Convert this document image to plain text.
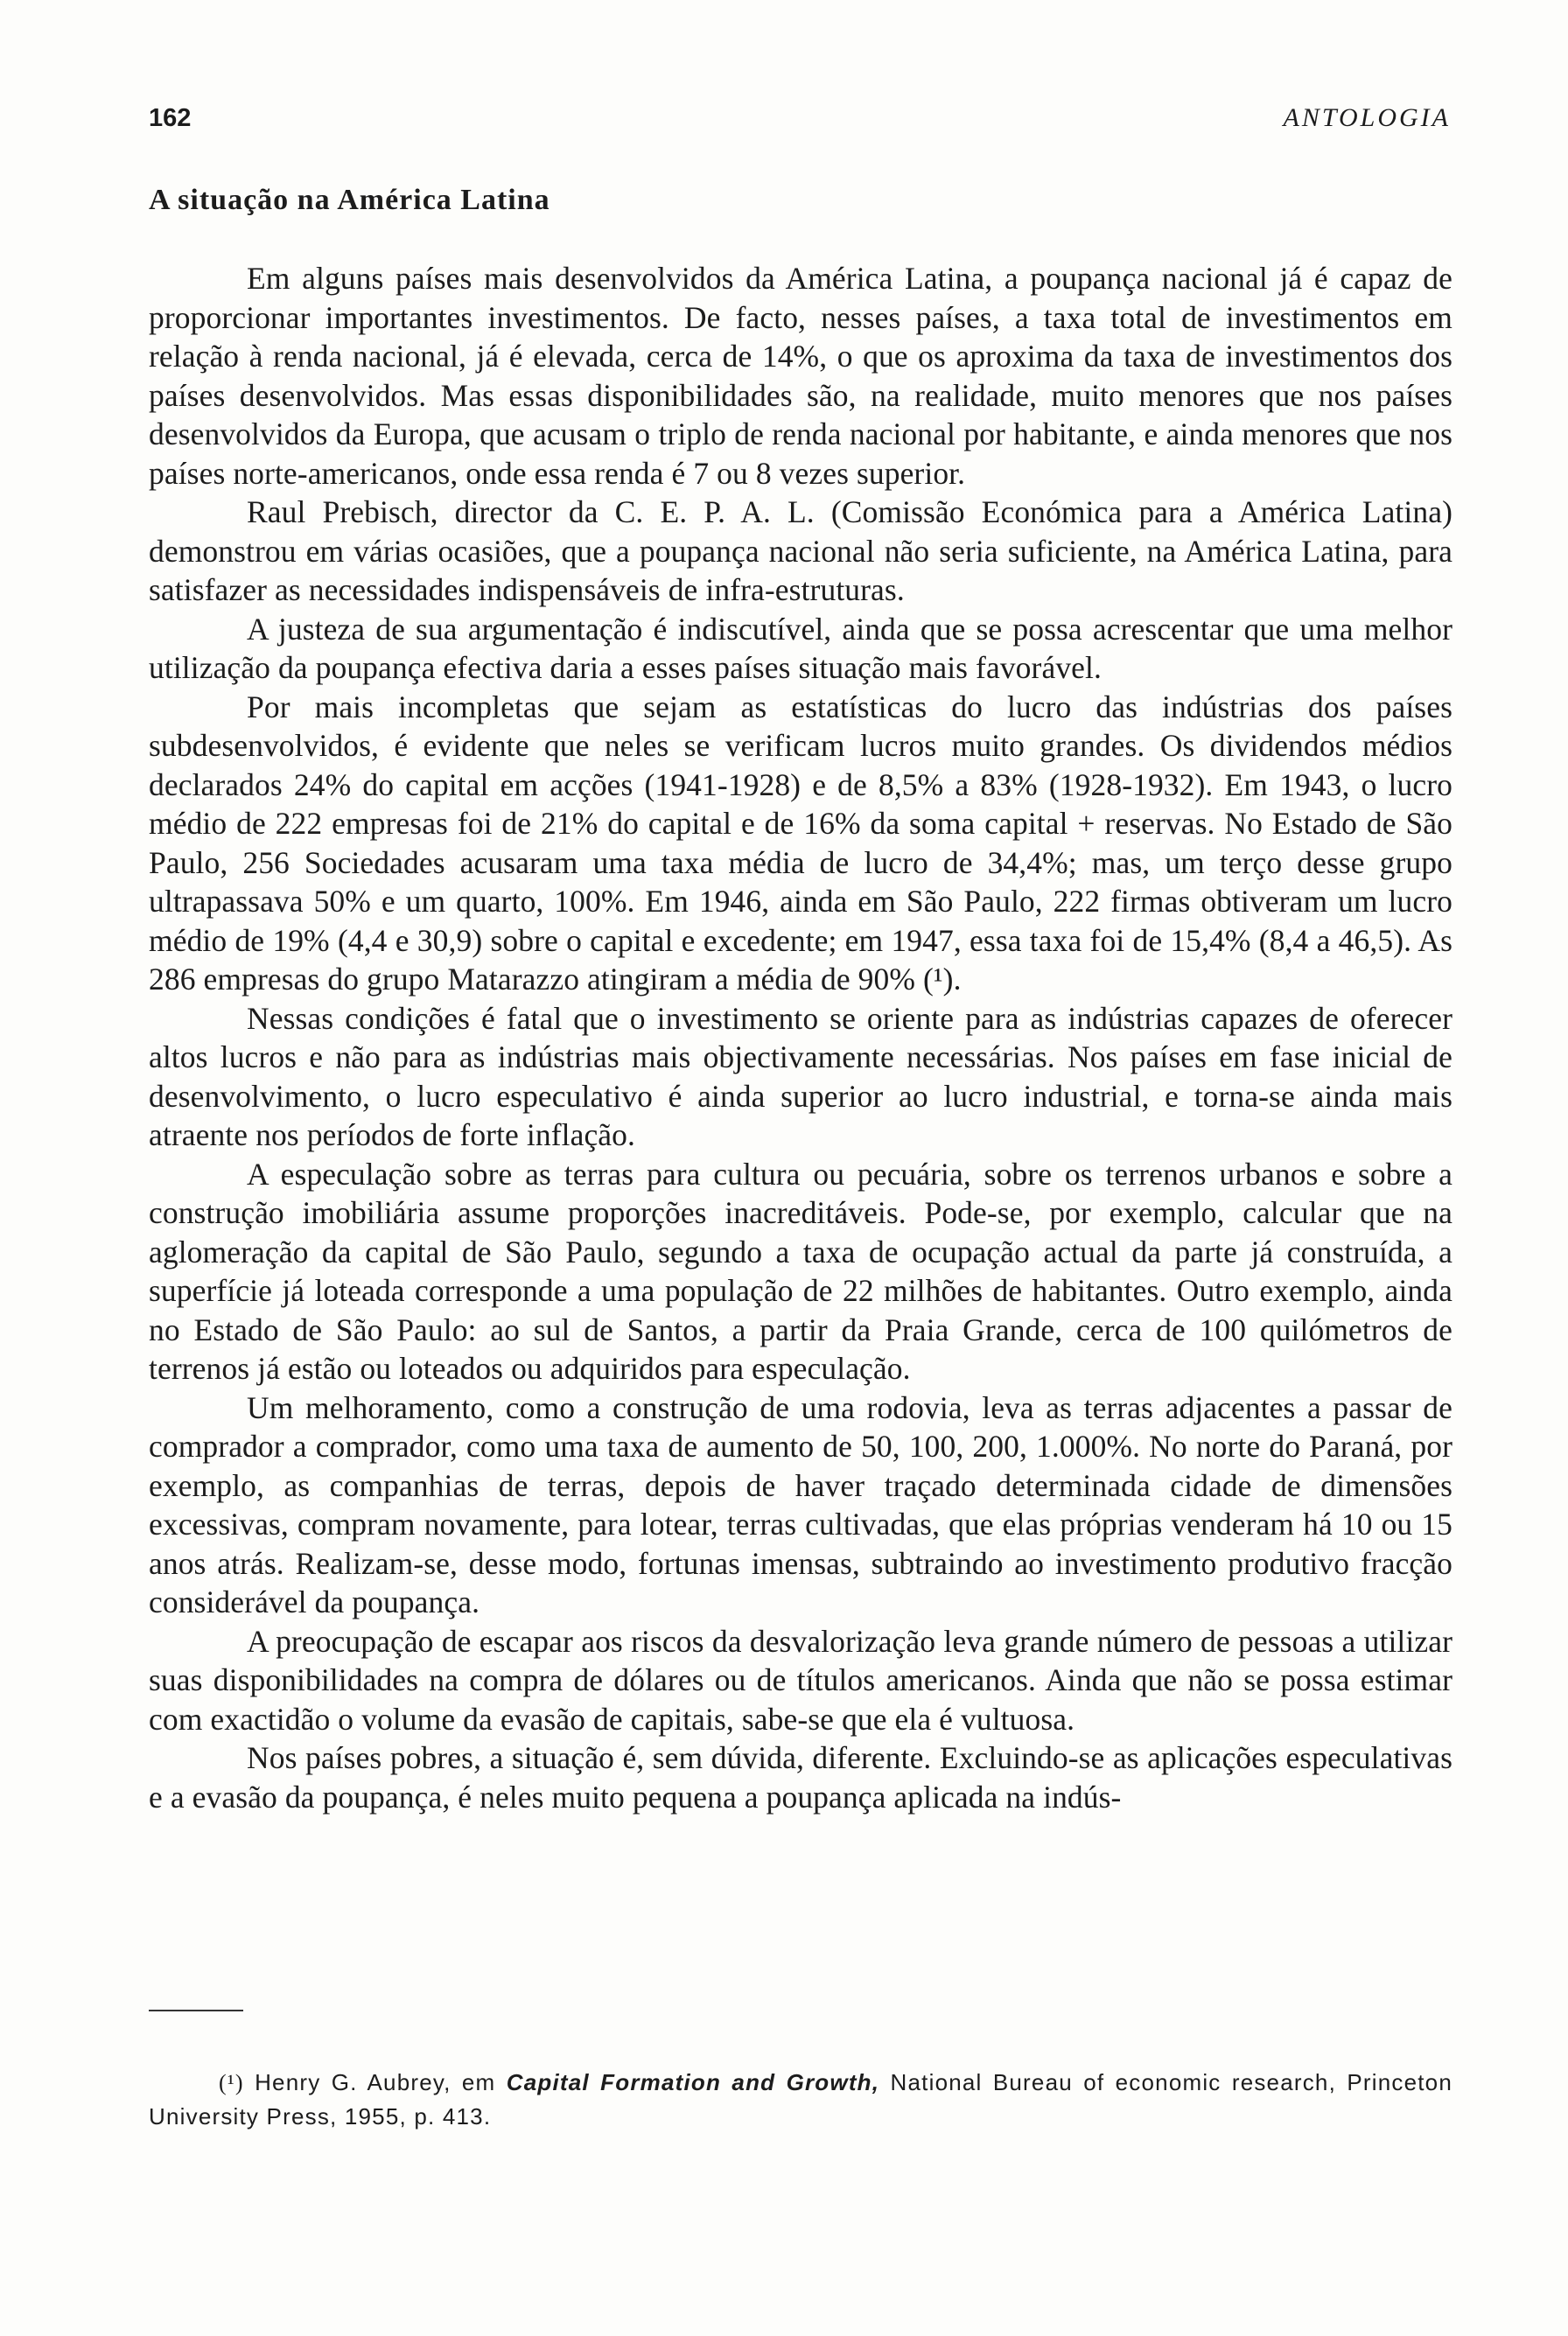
162	ANTOLOGIA
A situação na América Latina

Em alguns países mais desenvolvidos da América Latina, a poupança nacional já é capaz de proporcionar importantes investimentos. De facto, nesses países, a taxa total de investimentos em relação à renda nacional, já é elevada, cerca de 14%, o que os aproxima da taxa de investimentos dos países desenvolvidos. Mas essas disponibilidades são, na realidade, muito menores que nos países desenvolvidos da Europa, que acusam o triplo de renda nacional por habitante, e ainda menores que nos países norte-americanos, onde essa renda é 7 ou 8 vezes superior.

Raul Prebisch, director da C. E. P. A. L. (Comissão Económica para a América Latina) demonstrou em várias ocasiões, que a poupança nacional não seria suficiente, na América Latina, para satisfazer as necessidades indispensáveis de infra-estruturas.

A justeza de sua argumentação é indiscutível, ainda que se possa acrescentar que uma melhor utilização da poupança efectiva daria a esses países situação mais favorável.

Por mais incompletas que sejam as estatísticas do lucro das indústrias dos países subdesenvolvidos, é evidente que neles se verificam lucros muito grandes. Os dividendos médios declarados 24% do capital em acções (1941-1928) e de 8,5% a 83% (1928-1932). Em 1943, o lucro médio de 222 empresas foi de 21% do capital e de 16% da soma capital + reservas. No Estado de São Paulo, 256 Sociedades acusaram uma taxa média de lucro de 34,4%; mas, um terço desse grupo ultrapassava 50% e um quarto, 100%. Em 1946, ainda em São Paulo, 222 firmas obtiveram um lucro médio de 19% (4,4 e 30,9) sobre o capital e excedente; em 1947, essa taxa foi de 15,4% (8,4 a 46,5). As 286 empresas do grupo Matarazzo atingiram a média de 90% (¹).

Nessas condições é fatal que o investimento se oriente para as indústrias capazes de oferecer altos lucros e não para as indústrias mais objectivamente necessárias. Nos países em fase inicial de desenvolvimento, o lucro especulativo é ainda superior ao lucro industrial, e torna-se ainda mais atraente nos períodos de forte inflação.

A especulação sobre as terras para cultura ou pecuária, sobre os terrenos urbanos e sobre a construção imobiliária assume proporções inacreditáveis. Pode-se, por exemplo, calcular que na aglomeração da capital de São Paulo, segundo a taxa de ocupação actual da parte já construída, a superfície já loteada corresponde a uma população de 22 milhões de habitantes. Outro exemplo, ainda no Estado de São Paulo: ao sul de Santos, a partir da Praia Grande, cerca de 100 quilómetros de terrenos já estão ou loteados ou adquiridos para especulação.

Um melhoramento, como a construção de uma rodovia, leva as terras adjacentes a passar de comprador a comprador, como uma taxa de aumento de 50, 100, 200, 1.000%. No norte do Paraná, por exemplo, as companhias de terras, depois de haver traçado determinada cidade de dimensões excessivas, compram novamente, para lotear, terras cultivadas, que elas próprias venderam há 10 ou 15 anos atrás. Realizam-se, desse modo, fortunas imensas, subtraindo ao investimento produtivo fracção considerável da poupança.

A preocupação de escapar aos riscos da desvalorização leva grande número de pessoas a utilizar suas disponibilidades na compra de dólares ou de títulos americanos. Ainda que não se possa estimar com exactidão o volume da evasão de capitais, sabe-se que ela é vultuosa.

Nos países pobres, a situação é, sem dúvida, diferente. Excluindo-se as aplicações especulativas e a evasão da poupança, é neles muito pequena a poupança aplicada na indús-

(¹) Henry G. Aubrey, em Capital Formation and Growth, National Bureau of economic research, Princeton University Press, 1955, p. 413.
